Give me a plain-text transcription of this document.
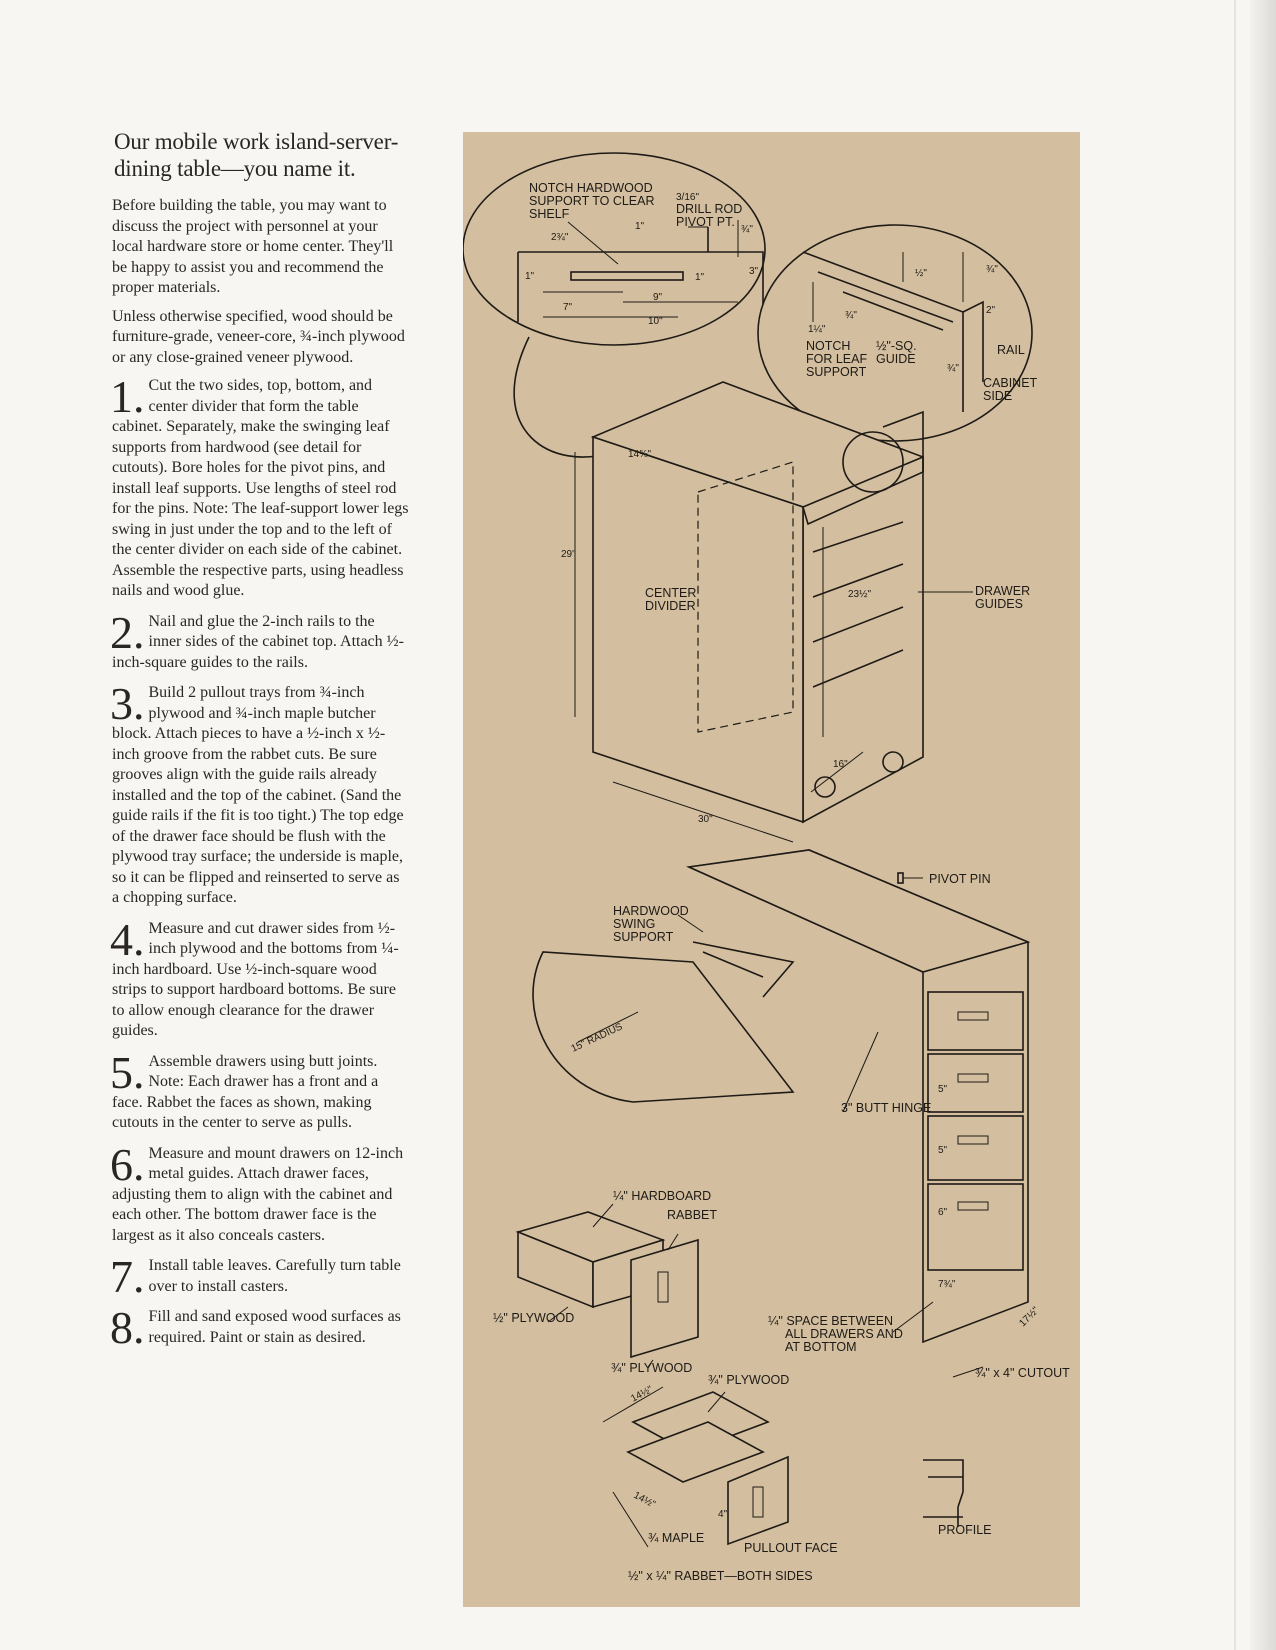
Our mobile work island-server-dining table—you name it.

Before building the table, you may want to discuss the project with personnel at your local hardware store or home center. They'll be happy to assist you and recommend the proper materials.

Unless otherwise specified, wood should be furniture-grade, veneer-core, ¾-inch plywood or any close-grained veneer plywood.

1. Cut the two sides, top, bottom, and center divider that form the table cabinet. Separately, make the swinging leaf supports from hardwood (see detail for cutouts). Bore holes for the pivot pins, and install leaf supports. Use lengths of steel rod for the pins. Note: The leaf-support lower legs swing in just under the top and to the left of the center divider on each side of the cabinet. Assemble the respective parts, using headless nails and wood glue.
2. Nail and glue the 2-inch rails to the inner sides of the cabinet top. Attach ½-inch-square guides to the rails.
3. Build 2 pullout trays from ¾-inch plywood and ¾-inch maple butcher block. Attach pieces to have a ½-inch x ½-inch groove from the rabbet cuts. Be sure grooves align with the guide rails already installed and the top of the cabinet. (Sand the guide rails if the fit is too tight.) The top edge of the drawer face should be flush with the plywood tray surface; the underside is maple, so it can be flipped and reinserted to serve as a chopping surface.
4. Measure and cut drawer sides from ½-inch plywood and the bottoms from ¼-inch hardboard. Use ½-inch-square wood strips to support hardboard bottoms. Be sure to allow enough clearance for the drawer guides.
5. Assemble drawers using butt joints. Note: Each drawer has a front and a face. Rabbet the faces as shown, making cutouts in the center to serve as pulls.
6. Measure and mount drawers on 12-inch metal guides. Attach drawer faces, adjusting them to align with the cabinet and each other. The bottom drawer face is the largest as it also conceals casters.
7. Install table leaves. Carefully turn table over to install casters.
8. Fill and sand exposed wood surfaces as required. Paint or stain as desired.
NOTCH HARDWOOD SUPPORT TO CLEAR SHELF
3/16" DRILL ROD PIVOT PT.
2¾"
1"
1"	¾"
3"
1"
7"
9"
10"
½"	¾"
2"
1¼"
¾"
¾"
NOTCH FOR LEAF SUPPORT
½"-SQ. GUIDE
RAIL
CABINET SIDE
14⅝"
29"
23½"
16"
30"
CENTER DIVIDER
DRAWER GUIDES
PIVOT PIN
HARDWOOD SWING SUPPORT
15" RADIUS
3" BUTT HINGE
5"
5"
6"
7¾"
17½"
¼" SPACE BETWEEN ALL DRAWERS AND AT BOTTOM
¾" x 4" CUTOUT
¼" HARDBOARD
RABBET
½" PLYWOOD
¾" PLYWOOD
¾" PLYWOOD
14½"
14½"
4"
¾ MAPLE
PULLOUT FACE
½" x ¼" RABBET—BOTH SIDES
PROFILE
